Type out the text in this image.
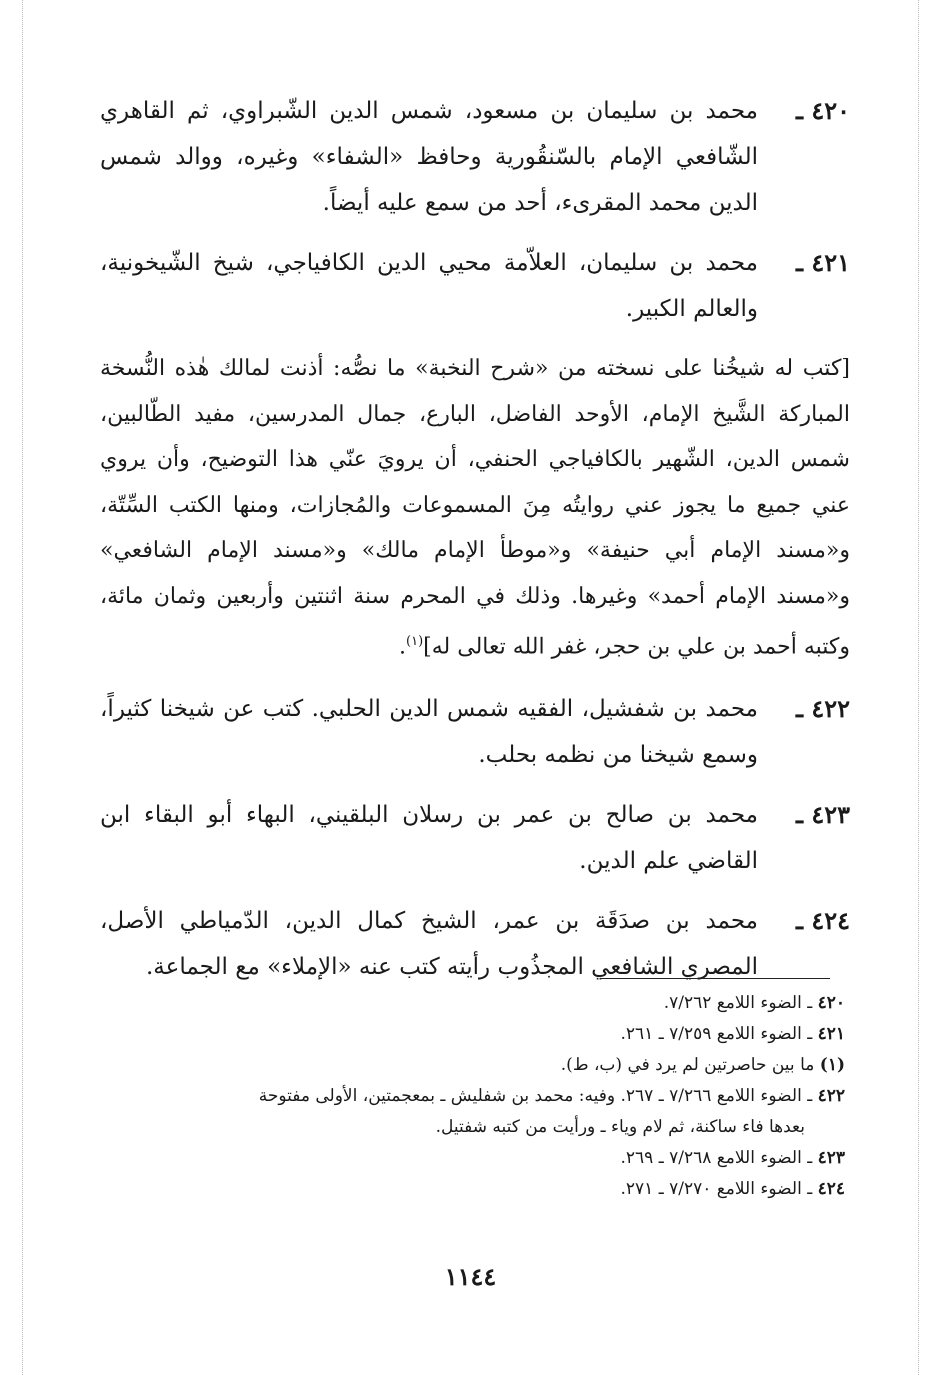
٤٢٠ ـ
محمد بن سليمان بن مسعود، شمس الدين الشّبراوي، ثم القاهري الشّافعي الإمام بالسّنقُورية وحافظ «الشفاء» وغيره، ووالد شمس الدين محمد المقرىء، أحد من سمع عليه أيضاً.
٤٢١ ـ
محمد بن سليمان، العلاّمة محيي الدين الكافياجي، شيخ الشّيخونية، والعالم الكبير.
[كتب له شيخُنا على نسخته من «شرح النخبة» ما نصُّه: أذنت لمالك هٰذه النُّسخة المباركة الشَّيخ الإمام، الأوحد الفاضل، البارع، جمال المدرسين، مفيد الطّالبين، شمس الدين، الشّهير بالكافياجي الحنفي، أن يرويَ عنّي هذا التوضيح، وأن يروي عني جميع ما يجوز عني روايتُه مِنَ المسموعات والمُجازات، ومنها الكتب السِّتّة، و«مسند الإمام أبي حنيفة» و«موطأ الإمام مالك» و«مسند الإمام الشافعي» و«مسند الإمام أحمد» وغيرها. وذلك في المحرم سنة اثنتين وأربعين وثمان مائة، وكتبه أحمد بن علي بن حجر، غفر الله تعالى له]$^{(١)}$.
٤٢٢ ـ
محمد بن شفشيل، الفقيه شمس الدين الحلبي. كتب عن شيخنا كثيراً، وسمع شيخنا من نظمه بحلب.
٤٢٣ ـ
محمد بن صالح بن عمر بن رسلان البلقيني، البهاء أبو البقاء ابن القاضي علم الدين.
٤٢٤ ـ
محمد بن صدَقَة بن عمر، الشيخ كمال الدين، الدّمياطي الأصل، المصري الشافعي المجذُوب رأيته كتب عنه «الإملاء» مع الجماعة.
٤٢٠ ـ الضوء اللامع ٧/٢٦٢.
٤٢١ ـ الضوء اللامع ٧/٢٥٩ ـ ٢٦١.
(١) ما بين حاصرتين لم يرد في (ب، ط).
٤٢٢ ـ الضوء اللامع ٧/٢٦٦ ـ ٢٦٧. وفيه: محمد بن شفليش ـ بمعجمتين، الأولى مفتوحة
بعدها فاء ساكنة، ثم لام وياء ـ ورأيت من كتبه شفتيل.
٤٢٣ ـ الضوء اللامع ٧/٢٦٨ ـ ٢٦٩.
٤٢٤ ـ الضوء اللامع ٧/٢٧٠ ـ ٢٧١.
١١٤٤
